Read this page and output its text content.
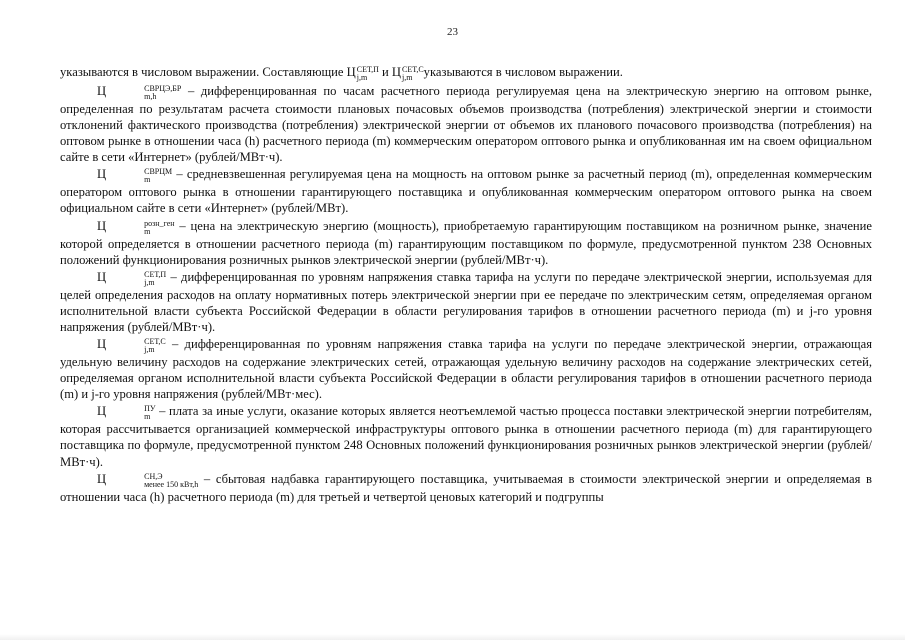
23

указываются в числовом выражении. Составляющие Ц СЕТ,П
j,m и Ц СЕТ,С
j,m указываются в числовом выражении.

Ц	СВРЦЭ,БР
m,h	– дифференцированная по часам расчетного периода регулируемая цена на электрическую энергию на оптовом рынке, определенная по результатам расчета стоимости плановых почасовых объемов производства (потребления) электрической энергии и стоимости отклонений фактического производства (потребления) электрической энергии от объемов их планового почасового производства (потребления) на оптовом рынке в отношении часа (h) расчетного периода (m) коммерческим оператором оптового рынка и опубликованная им на своем официальном сайте в сети «Интернет» (рублей/МВт·ч).

Ц	СВРЦМ
m	– средневзвешенная регулируемая цена на мощность на оптовом рынке за расчетный период (m), определенная коммерческим оператором оптового рынка в отношении гарантирующего поставщика и опубликованная коммерческим оператором оптового рынка на своем официальном сайте в сети «Интернет» (рублей/МВт).

Ц	розн_ген
m	– цена на электрическую энергию (мощность), приобретаемую гарантирующим поставщиком на розничном рынке, значение которой определяется в отношении расчетного периода (m) гарантирующим поставщиком по формуле, предусмотренной пунктом 238 Основных положений функционирования розничных рынков электрической энергии (рублей/МВт·ч).

Ц	СЕТ,П
j,m – дифференцированная по уровням напряжения ставка тарифа на услуги по передаче электрической энергии, используемая для целей определения расходов на оплату нормативных потерь электрической энергии при ее передаче по электрическим сетям, определяемая органом исполнительной власти субъекта Российской Федерации в области регулирования тарифов в отношении расчетного периода (m) и j-го уровня напряжения (рублей/МВт·ч).

Ц	СЕТ,С
j,m – дифференцированная по уровням напряжения ставка тарифа на услуги по передаче электрической энергии, отражающая удельную величину расходов на содержание электрических сетей, отражающая удельную величину расходов на содержание электрических сетей, определяемая органом исполнительной власти субъекта Российской Федерации в области регулирования тарифов в отношении расчетного периода (m) и j-го уровня напряжения (рублей/МВт·мес).

Ц	ПУ
m – плата за иные услуги, оказание которых является неотъемлемой частью процесса поставки электрической энергии потребителям, которая рассчитывается организацией коммерческой инфраструктуры оптового рынка в отношении расчетного периода (m) для гарантирующего поставщика по формуле, предусмотренной пунктом 248 Основных положений функционирования розничных рынков электрической энергии (рублей/МВт·ч).

Ц	СН,Э
менее 150 кВт,h – сбытовая надбавка гарантирующего поставщика, учитываемая в стоимости электрической энергии и определяемая в отношении часа (h) расчетного периода (m) для третьей и четвертой ценовых категорий и подгруппы
